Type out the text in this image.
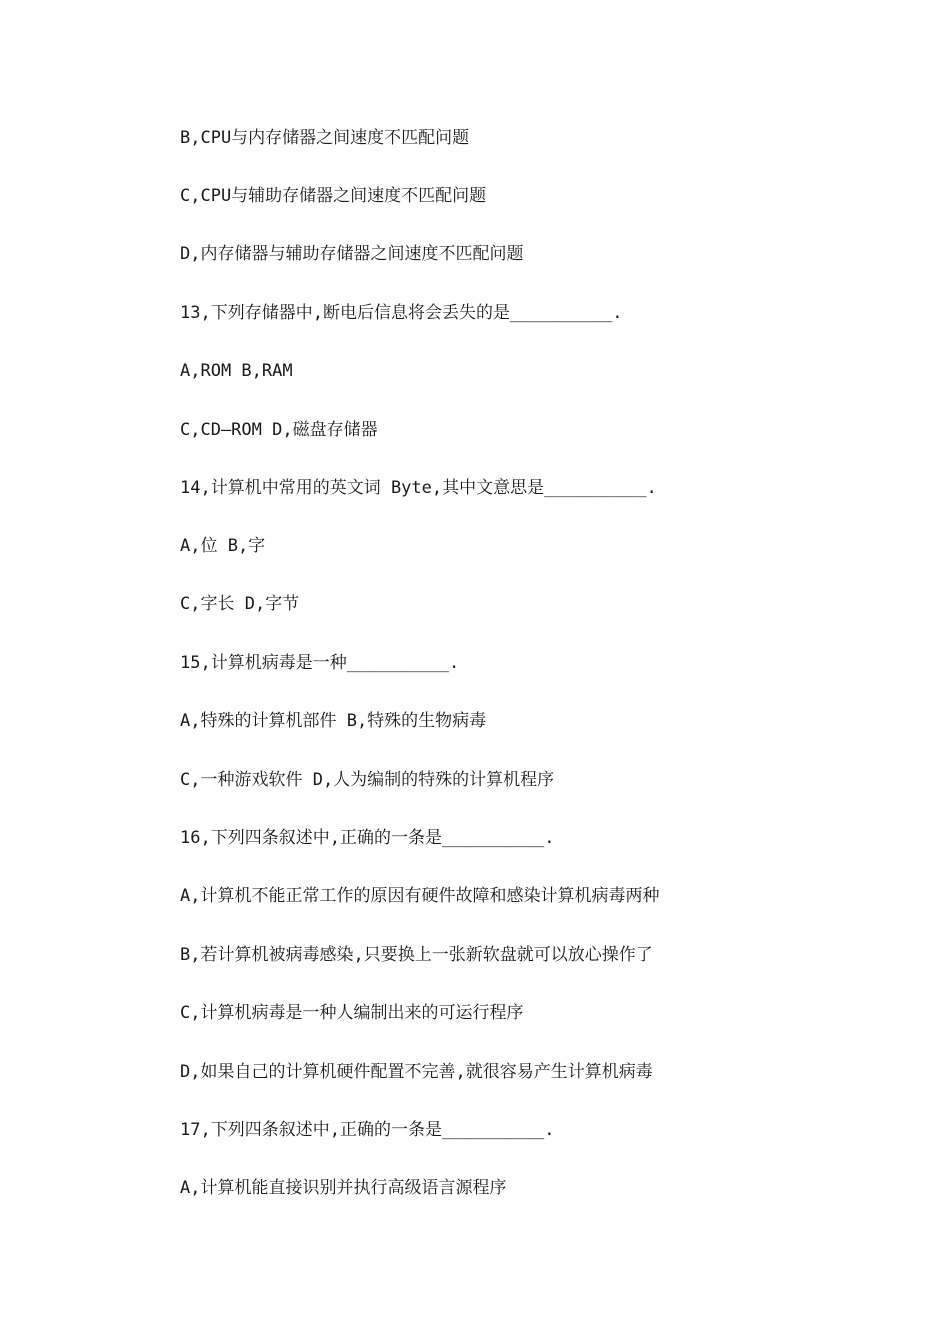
B,CPU与内存储器之间速度不匹配问题
C,CPU与辅助存储器之间速度不匹配问题
D,内存储器与辅助存储器之间速度不匹配问题
13,下列存储器中,断电后信息将会丢失的是__________.
A,ROM B,RAM
C,CD—ROM D,磁盘存储器
14,计算机中常用的英文词 Byte,其中文意思是__________.
A,位 B,字
C,字长 D,字节
15,计算机病毒是一种__________.
A,特殊的计算机部件 B,特殊的生物病毒
C,一种游戏软件 D,人为编制的特殊的计算机程序
16,下列四条叙述中,正确的一条是__________.
A,计算机不能正常工作的原因有硬件故障和感染计算机病毒两种
B,若计算机被病毒感染,只要换上一张新软盘就可以放心操作了
C,计算机病毒是一种人编制出来的可运行程序
D,如果自己的计算机硬件配置不完善,就很容易产生计算机病毒
17,下列四条叙述中,正确的一条是__________.
A,计算机能直接识别并执行高级语言源程序
